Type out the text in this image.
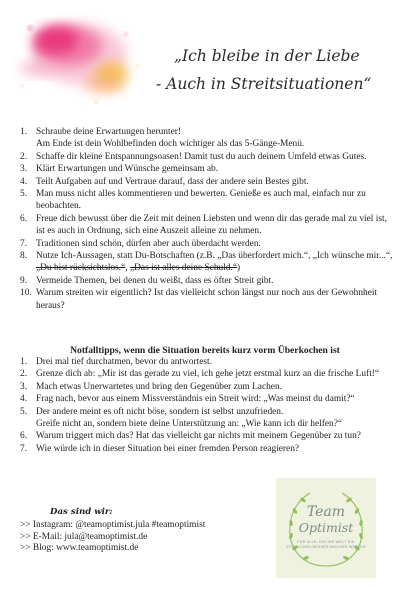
„Ich bleibe in der Liebe
- Auch in Streitsituationen“
1. Schraube deine Erwartungen herunter!
Am Ende ist dein Wohlbefinden doch wichtiger als das 5-Gänge-Menü.
2. Schaffe dir kleine Entspannungsoasen! Damit tust du auch deinem Umfeld etwas Gutes.
3. Klärt Erwartungen und Wünsche gemeinsam ab.
4. Teilt Aufgaben auf und Vertraue darauf, dass der andere sein Bestes gibt.
5. Man muss nicht alles kommentieren und bewerten. Genieße es auch mal, einfach nur zu beobachten.
6. Freue dich bewusst über die Zeit mit deinen Liebsten und wenn dir das gerade mal zu viel ist, ist es auch in Ordnung, sich eine Auszeit alleine zu nehmen.
7. Traditionen sind schön, dürfen aber auch überdacht werden.
8. Nutze Ich-Aussagen, statt Du-Botschaften (z.B. „Das überfordert mich.“, „Ich wünsche mir...“, „Du bist rücksichtslos.“, „Das ist alles deine Schuld.“)
9. Vermeide Themen, bei denen du weißt, dass es öfter Streit gibt.
10. Warum streiten wir eigentlich? Ist das vielleicht schon längst nur noch aus der Gewohnheit heraus?
Notfalltipps, wenn die Situation bereits kurz vorm Überkochen ist
1. Drei mal tief durchatmen, bevor du antwortest.
2. Grenze dich ab: „Mir ist das gerade zu viel, ich gehe jetzt erstmal kurz an die frische Luft!“
3. Mach etwas Unerwartetes und bring den Gegenüber zum Lachen.
4. Frag nach, bevor aus einem Missverständnis ein Streit wird: „Was meinst du damit?“
5. Der andere meint es oft nicht böse, sondern ist selbst unzufrieden.
Greife nicht an, sondern biete deine Unterstützung an: „Wie kann ich dir helfen?“
6. Warum triggert mich das? Hat das vielleicht gar nichts mit meinem Gegenüber zu tun?
7. Wie würde ich in dieser Situation bei einer fremden Person reagieren?
Das sind wir:
>> Instagram: @teamoptimist.jula #teamoptimist
>> E-Mail: jula@teamoptimist.de
>> Blog: www.teamoptimist.de
Team
Optimist
FÜR ALLE, DIE DIE WELT EIN STÜCKCHEN BESSER MACHEN WOLLEN
